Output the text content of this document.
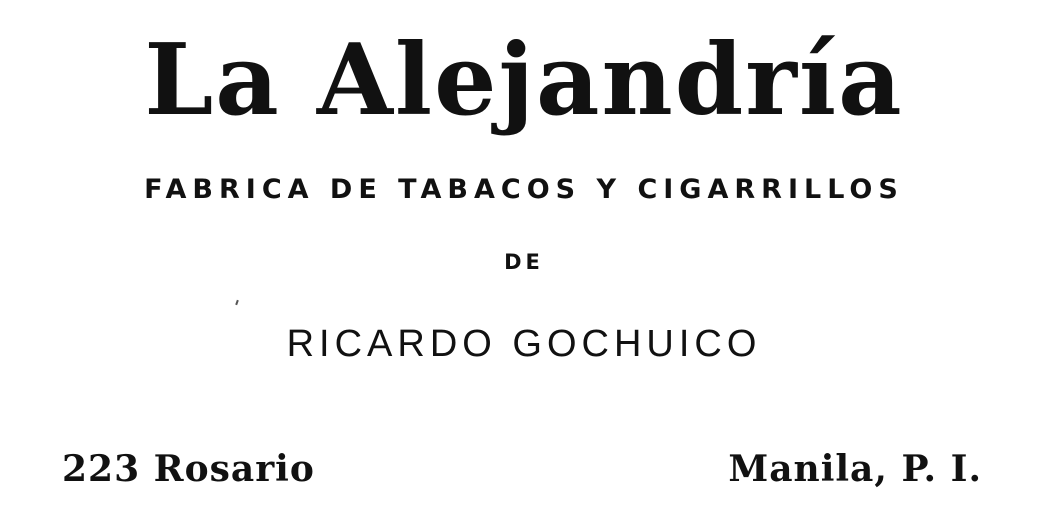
La Alejandría
FABRICA DE TABACOS Y CIGARRILLOS
DE
RICARDO GOCHUICO
223 Rosario	Manila, P. I.
